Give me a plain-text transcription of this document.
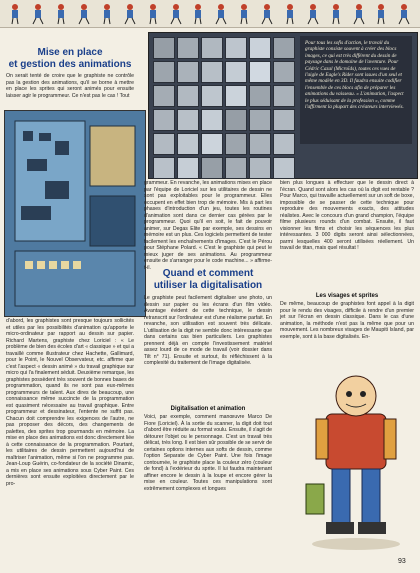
Mise en place
et gestion des animations
On serait tenté de croire que le graphiste ne contrôle pas la gestion des animations, qu'il se borne à mettre en place les sprites qui seront animés pour ensuite laisser agir le programmeur. Ce n'est pas le cas ! Tout
d'abord, les graphistes sont presque toujours sollicités et utiles par les possibilités d'animation qu'apporte le micro-ordinateur par rapport au dessin sur papier. Richard Martens, graphiste chez Loriciel : « Le problème de bien des écoles d'art « classique » et qui a travaillé comme illustrateur chez Hachette, Gallimard, pour le Point, le Nouvel Observateur, etc. affirme que c'est l'aspect « dessin animé » du travail graphique sur micro qui l'a finalement séduit. Deuxième remarque, les graphistes possèdent très souvent de bonnes bases de programmation, quand ils ne sont pas eux-mêmes programmeurs de talent. Aux dires de beaucoup, une connaissance même succincte de la programmation est quasiment nécessaire au travail graphique. Entre programmeur et dessinateur, l'entente ne suffit pas. Chacun doit comprendre les exigences de l'autre, ne pas proposer des décors, des changements de palettes, des sprites trop gourmands en mémoire. La mise en place des animations est donc directement liée à cette connaissance de la programmation. Pourtant, les utilitaires de dessin permettent aujourd'hui de maîtriser l'animation, même si l'on ne programme pas. Jean-Loup Guérin, co-fondateur de la société Dinamic, a mis en place ses animations sous Cyber Paint. Ces dernières sont ensuite exploitées directement par le pro-
Pour tous les sofis d'action, le travail du graphiste consiste souvent à créer des blocs images, ce qui est très différent du dessin de paysage dans le domaine de l'aventure. Pour Cédric Cazal (Microïds), toutes ces vues de l'aigle de Eagle's Rider sont issues d'un seul et même modèle en 3D. Il faudra ensuite codifier l'ensemble de ces blocs afin de préparer les animations du vaisseau. « L'animation, l'aspect le plus séduisant de la profession », comme l'affirment la plupart des créateurs interviewés.
grammeur. En revanche, les animations mises en place par l'équipe de Loriciel sur les utilitaires de dessin ne sont pas exploitables pour le programmeur. Elles occupent en effet bien trop de mémoire. Mis à part les phases d'introduction d'un jeu, toutes les routines d'animation sont dans ce dernier cas gérées par le programmeur. Quoi qu'il en soit, le fait de pouvoir animer, sur Degas Elite par exemple, ses dessins en mémoire est un plus. Ces logiciels permettent de tester facilement les enchaînements d'images. C'est le Pérou pour Stéphane Polard. « C'est le graphiste qui peut le mieux juger de ses animations. Au programmeur ensuite de s'arranger pour le code machine... » affirme-t-il.
Quand et comment
utiliser la digitalisation
Le graphiste peut facilement digitaliser une photo, un dessin sur papier ou les écrans d'un film vidéo. Avantage évident de cette technique, le dessin retranscrit sur l'ordinateur est d'une réalisme parfait. En revanche, son utilisation est souvent très délicate. L'utilisation de la digit ne semble donc intéressante que dans certains cas bien particuliers. Les graphistes prennent déjà en compte l'investissement matériel assez lourd de ce mode de travail (voir dossier dans Tilt n° 71). Ensuite et surtout, ils réfléchissent à la complexité du traitement de l'image digitalisée.
Digitalisation et animation
Voici, par exemple, comment manœuvre Marco De Fiore (Loriciel). À la sortie du scanner, la digit doit tout d'abord être réduite au format voulu. Ensuite, il s'agit de détourer l'objet ou le personnage. C'est un travail très délicat, très long. Il est bien sûr possible de se servir de certaines options internes aux softs de dessin, comme l'option Separate de Cyber Paint. Une fois l'image contournée, le graphiste place la couleur zéro (couleur de fond) à l'extérieur du sprite. Il lui faudra maintenant affiner encore le dessin à la loupe et encore gérer la mise en couleur. Toutes ces manipulations sont extrêmement complexes et longues
bien plus longues à effectuer que le dessin direct à l'écran. Quand sont alors les cas où la digit est rentable ? Pour Marco, qui travaille actuellement sur un soft de boxe, impossible de se passer de cette technique pour reproduire des mouvements exacts, des attitudes réalistes. Avec le concours d'un grand champion, l'équipe filme plusieurs rounds d'un combat. Ensuite, il faut visionner les films et choisir les séquences les plus intéressantes. 3 000 digits seront ainsi sélectionnées, parmi lesquelles 400 seront utilisées réellement. Un travail de titan, mais quel résultat !
Les visages et sprites
De même, beaucoup de graphistes font appel à la digit pour le rendu des visages, difficile à rendre d'un premier jet sur l'écran en dessin classique. Dans le cas d'une animation, la méthode n'est pas la même que pour un mouvement. Les nombreux visages de Maupiti Island, par exemple, sont à la base digitalisés. En-
93
